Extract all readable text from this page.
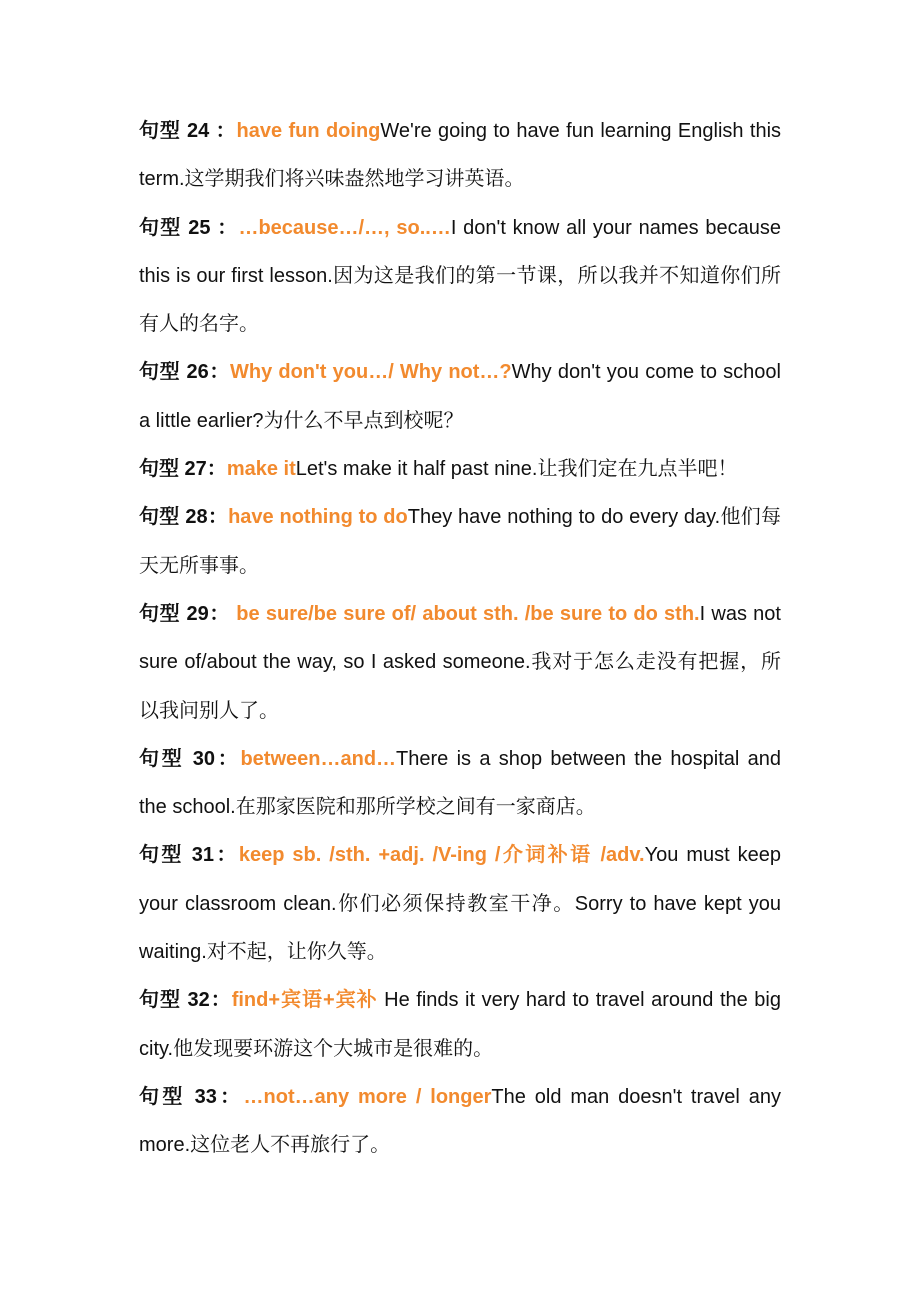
句型 24 ：have fun doingWe're going to have fun learning English this term.这学期我们将兴味盎然地学习讲英语。

句型 25 ：…because…/…, so..…I don't know all your names because this is our first lesson.因为这是我们的第一节课，所以我并不知道你们所有人的名字。

句型 26：Why don't you…/ Why not…?Why don't you come to school a little earlier?为什么不早点到校呢？

句型 27：make itLet's make it half past nine.让我们定在九点半吧！

句型 28：have nothing to doThey have nothing to do every day.他们每天无所事事。

句型 29： be sure/be sure of/ about sth. /be sure to do sth.I was not sure of/about the way, so I asked someone.我对于怎么走没有把握，所以我问别人了。

句型 30：between…and…There is a shop between the hospital and the school.在那家医院和那所学校之间有一家商店。

句型 31：keep sb. /sth. +adj. /V-ing /介词补语 /adv.You must keep your classroom clean.你们必须保持教室干净。Sorry to have kept you waiting.对不起，让你久等。

句型 32：find+宾语+宾补 He finds it very hard to travel around the big city.他发现要环游这个大城市是很难的。

句型 33：…not…any more / longerThe old man doesn't travel any more.这位老人不再旅行了。
